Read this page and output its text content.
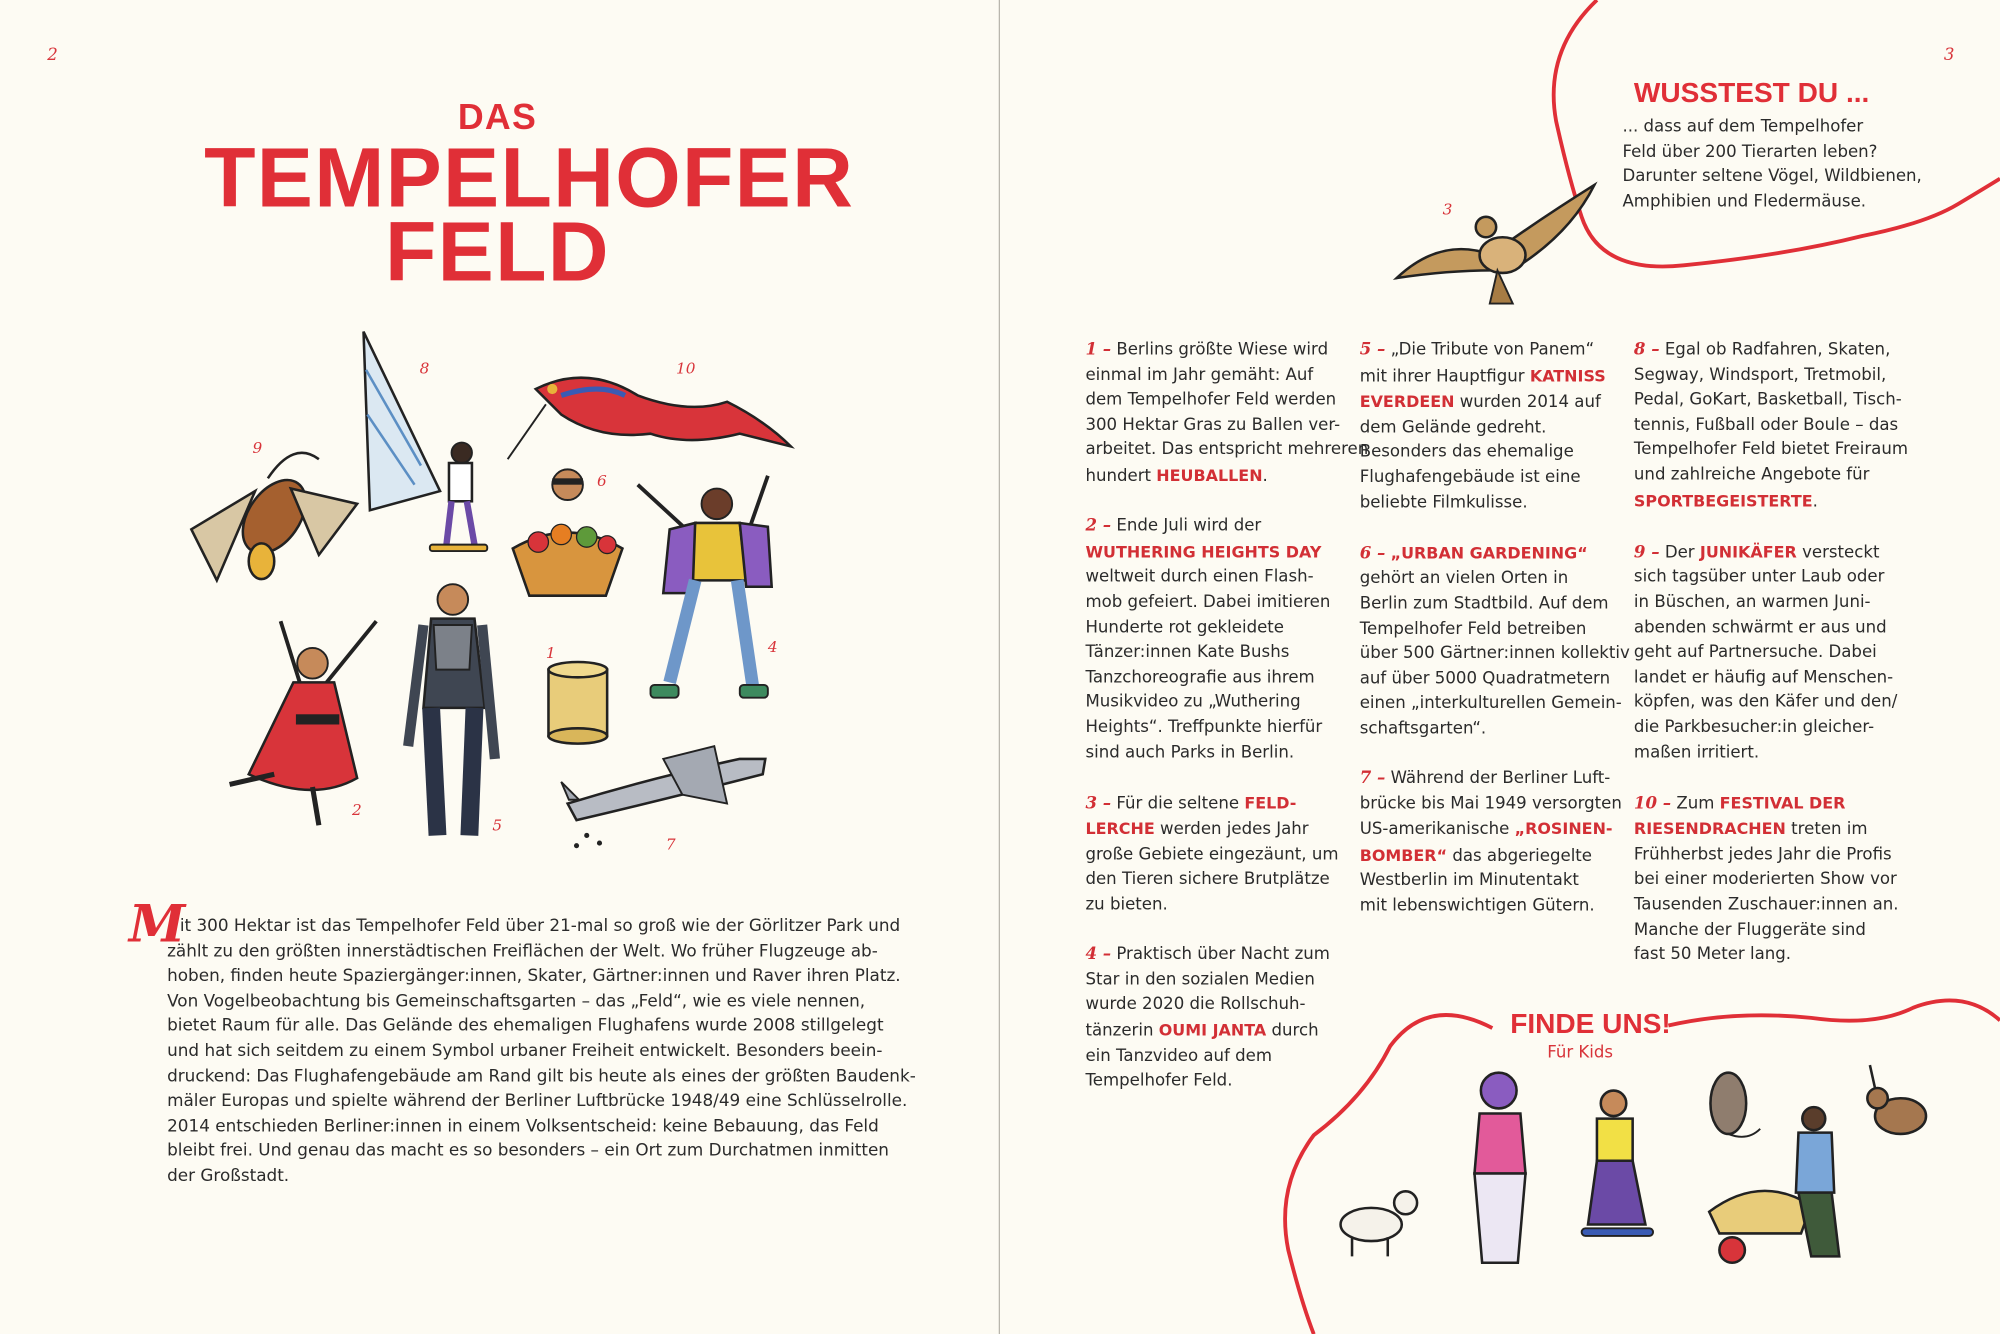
2
DAS
TEMPELHOFER
FELD
9
8	10
6
4
1
2
5
7
M
it 300 Hektar ist das Tempelhofer Feld über 21-mal so groß wie der Görlitzer Park und
zählt zu den größten innerstädtischen Freiflächen der Welt. Wo früher Flugzeuge ab-
hoben, finden heute Spaziergänger:innen, Skater, Gärtner:innen und Raver ihren Platz.
Von Vogelbeobachtung bis Gemeinschaftsgarten – das „Feld“, wie es viele nennen,
bietet Raum für alle. Das Gelände des ehemaligen Flughafens wurde 2008 stillgelegt
und hat sich seitdem zu einem Symbol urbaner Freiheit entwickelt. Besonders beein-
druckend: Das Flughafengebäude am Rand gilt bis heute als eines der größten Baudenk-
mäler Europas und spielte während der Berliner Luftbrücke 1948/49 eine Schlüsselrolle.
2014 entschieden Berliner:innen in einem Volksentscheid: keine Bebauung, das Feld
bleibt frei. Und genau das macht es so besonders – ein Ort zum Durchatmen inmitten
der Großstadt.
3
WUSSTEST DU ...
... dass auf dem Tempelhofer
Feld über 200 Tierarten leben?
Darunter seltene Vögel, Wildbienen,
Amphibien und Fledermäuse.
3
1 – Berlins größte Wiese wird
einmal im Jahr gemäht: Auf
dem Tempelhofer Feld werden
300 Hektar Gras zu Ballen ver-
arbeitet. Das entspricht mehreren
hundert HEUBALLEN.
2 – Ende Juli wird der
WUTHERING HEIGHTS DAY
weltweit durch einen Flash-
mob gefeiert. Dabei imitieren
Hunderte rot gekleidete
Tänzer:innen Kate Bushs
Tanzchoreografie aus ihrem
Musikvideo zu „Wuthering
Heights“. Treffpunkte hierfür
sind auch Parks in Berlin.
3 – Für die seltene FELD-
LERCHE werden jedes Jahr
große Gebiete eingezäunt, um
den Tieren sichere Brutplätze
zu bieten.
4 – Praktisch über Nacht zum
Star in den sozialen Medien
wurde 2020 die Rollschuh-
tänzerin OUMI JANTA durch
ein Tanzvideo auf dem
Tempelhofer Feld.
5 – „Die Tribute von Panem“
mit ihrer Hauptfigur KATNISS
EVERDEEN wurden 2014 auf
dem Gelände gedreht.
Besonders das ehemalige
Flughafengebäude ist eine
beliebte Filmkulisse.
6 – „URBAN GARDENING“
gehört an vielen Orten in
Berlin zum Stadtbild. Auf dem
Tempelhofer Feld betreiben
über 500 Gärtner:innen kollektiv
auf über 5000 Quadratmetern
einen „interkulturellen Gemein-
schaftsgarten“.
7 – Während der Berliner Luft-
brücke bis Mai 1949 versorgten
US-amerikanische „ROSINEN-
BOMBER“ das abgeriegelte
Westberlin im Minutentakt
mit lebenswichtigen Gütern.
8 – Egal ob Radfahren, Skaten,
Segway, Windsport, Tretmobil,
Pedal, GoKart, Basketball, Tisch-
tennis, Fußball oder Boule – das
Tempelhofer Feld bietet Freiraum
und zahlreiche Angebote für
SPORTBEGEISTERTE.
9 – Der JUNIKÄFER versteckt
sich tagsüber unter Laub oder
in Büschen, an warmen Juni-
abenden schwärmt er aus und
geht auf Partnersuche. Dabei
landet er häufig auf Menschen-
köpfen, was den Käfer und den/
die Parkbesucher:in gleicher-
maßen irritiert.
10 – Zum FESTIVAL DER
RIESENDRACHEN treten im
Frühherbst jedes Jahr die Profis
bei einer moderierten Show vor
Tausenden Zuschauer:innen an.
Manche der Fluggeräte sind
fast 50 Meter lang.
FINDE UNS!
Für Kids
